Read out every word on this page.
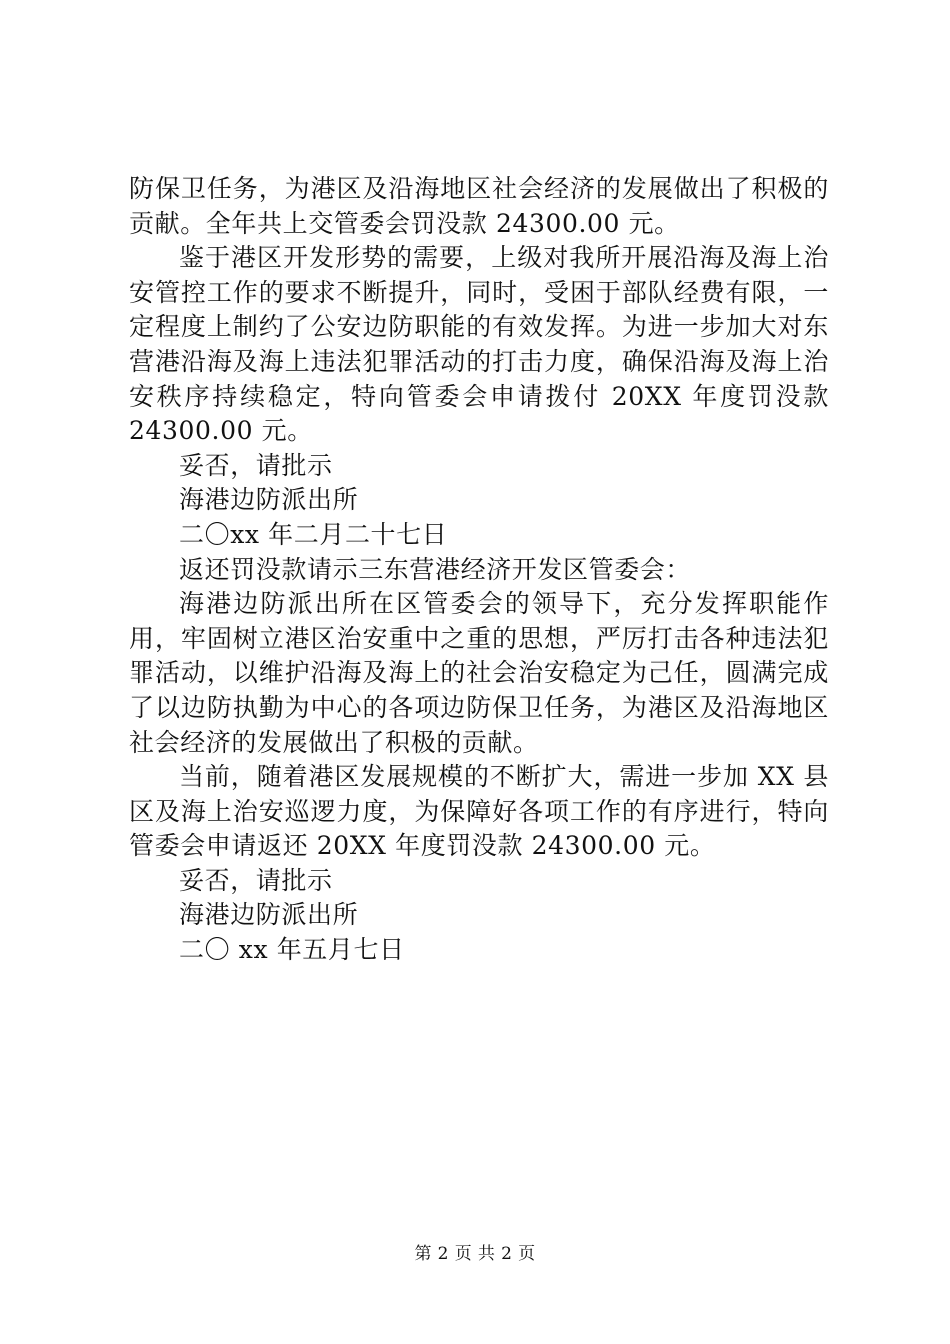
防保卫任务，为港区及沿海地区社会经济的发展做出了积极的贡献。全年共上交管委会罚没款 24300.00 元。

鉴于港区开发形势的需要，上级对我所开展沿海及海上治安管控工作的要求不断提升，同时，受困于部队经费有限，一定程度上制约了公安边防职能的有效发挥。为进一步加大对东营港沿海及海上违法犯罪活动的打击力度，确保沿海及海上治安秩序持续稳定，特向管委会申请拨付 20XX 年度罚没款 24300.00 元。

妥否，请批示

海港边防派出所

二〇xx 年二月二十七日

返还罚没款请示三东营港经济开发区管委会：

海港边防派出所在区管委会的领导下，充分发挥职能作用，牢固树立港区治安重中之重的思想，严厉打击各种违法犯罪活动，以维护沿海及海上的社会治安稳定为己任，圆满完成了以边防执勤为中心的各项边防保卫任务，为港区及沿海地区社会经济的发展做出了积极的贡献。

当前，随着港区发展规模的不断扩大，需进一步加 XX 县区及海上治安巡逻力度，为保障好各项工作的有序进行，特向管委会申请返还 20XX 年度罚没款 24300.00 元。

妥否，请批示

海港边防派出所

二〇 xx 年五月七日

第 2 页 共 2 页
